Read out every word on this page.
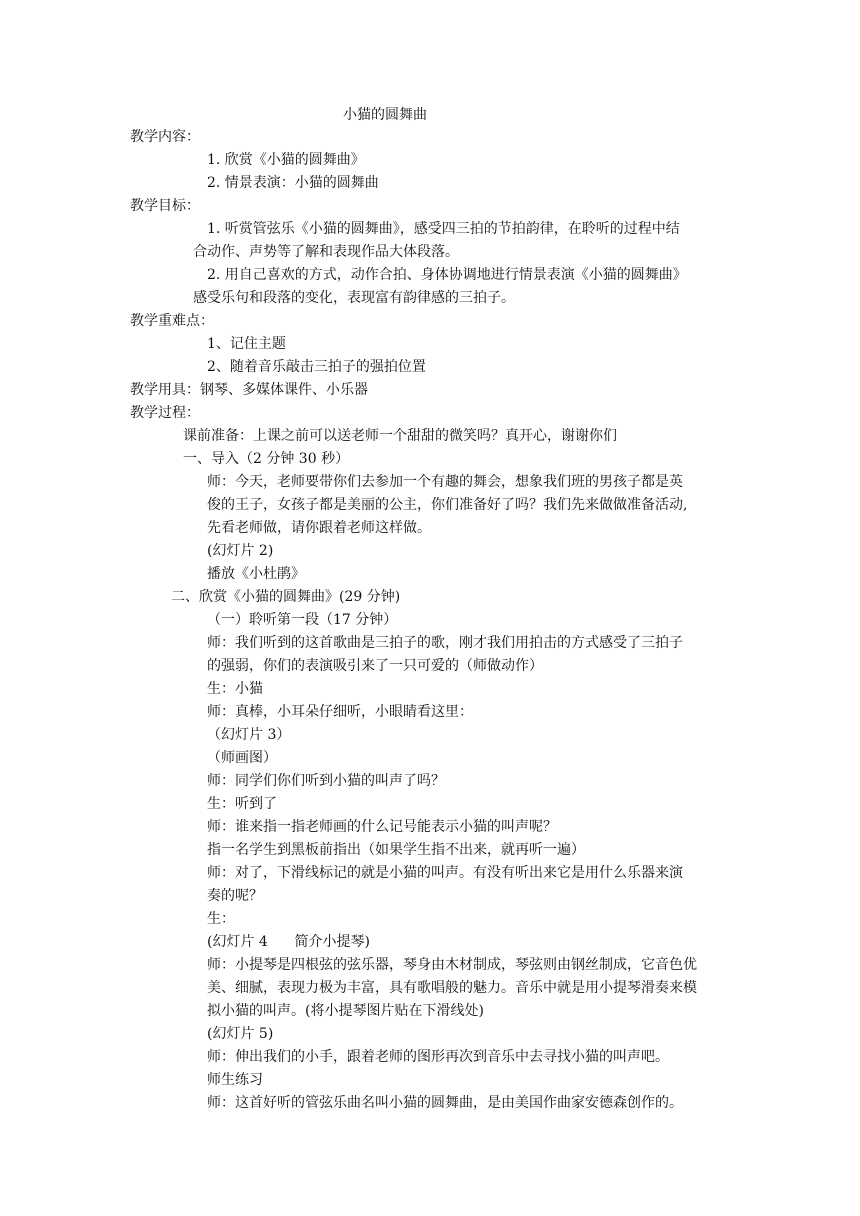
小猫的圆舞曲
教学内容：
1. 欣赏《小猫的圆舞曲》
2. 情景表演：小猫的圆舞曲
教学目标：
1. 听赏管弦乐《小猫的圆舞曲》，感受四三拍的节拍韵律，在聆听的过程中结
合动作、声势等了解和表现作品大体段落。
2. 用自己喜欢的方式，动作合拍、身体协调地进行情景表演《小猫的圆舞曲》
感受乐句和段落的变化，表现富有韵律感的三拍子。
教学重难点：
1、记住主题
2、随着音乐敲击三拍子的强拍位置
教学用具：钢琴、多媒体课件、小乐器
教学过程：
课前准备：上课之前可以送老师一个甜甜的微笑吗？真开心，谢谢你们
一、导入（2 分钟 30 秒）
师：今天，老师要带你们去参加一个有趣的舞会，想象我们班的男孩子都是英
俊的王子，女孩子都是美丽的公主，你们准备好了吗？我们先来做做准备活动,
先看老师做，请你跟着老师这样做。
(幻灯片 2)
播放《小杜鹃》
二、欣赏《小猫的圆舞曲》(29 分钟)
（一）聆听第一段（17 分钟）
师：我们听到的这首歌曲是三拍子的歌，刚才我们用拍击的方式感受了三拍子
的强弱，你们的表演吸引来了一只可爱的（师做动作）
生：小猫
师：真棒，小耳朵仔细听，小眼睛看这里：
（幻灯片 3）
（师画图）
师：同学们你们听到小猫的叫声了吗？
生：听到了
师：谁来指一指老师画的什么记号能表示小猫的叫声呢？
指一名学生到黑板前指出（如果学生指不出来，就再听一遍）
师：对了，下滑线标记的就是小猫的叫声。有没有听出来它是用什么乐器来演
奏的呢？
生：
(幻灯片 4      简介小提琴)
师：小提琴是四根弦的弦乐器，琴身由木材制成，琴弦则由钢丝制成，它音色优
美、细腻，表现力极为丰富，具有歌唱般的魅力。音乐中就是用小提琴滑奏来模
拟小猫的叫声。(将小提琴图片贴在下滑线处)
(幻灯片 5)
师：伸出我们的小手，跟着老师的图形再次到音乐中去寻找小猫的叫声吧。
师生练习
师：这首好听的管弦乐曲名叫小猫的圆舞曲，是由美国作曲家安德森创作的。
